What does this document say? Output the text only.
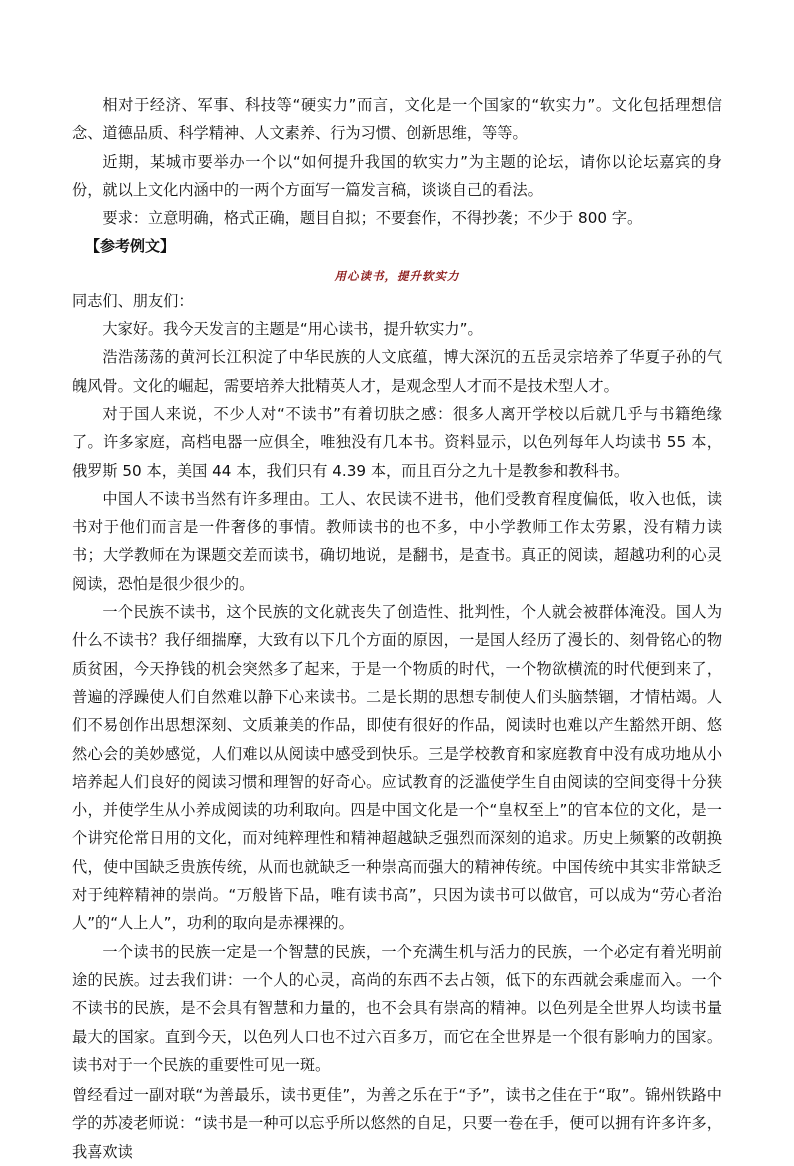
相对于经济、军事、科技等“硬实力”而言，文化是一个国家的“软实力”。文化包括理想信念、道德品质、科学精神、人文素养、行为习惯、创新思维，等等。

近期，某城市要举办一个以“如何提升我国的软实力”为主题的论坛，请你以论坛嘉宾的身份，就以上文化内涵中的一两个方面写一篇发言稿，谈谈自己的看法。

要求：立意明确，格式正确，题目自拟；不要套作，不得抄袭；不少于 800 字。

【参考例文】

用心读书，提升软实力

同志们、朋友们：

大家好。我今天发言的主题是“用心读书，提升软实力”。

浩浩荡荡的黄河长江积淀了中华民族的人文底蕴，博大深沉的五岳灵宗培养了华夏子孙的气魄风骨。文化的崛起，需要培养大批精英人才，是观念型人才而不是技术型人才。

对于国人来说，不少人对“不读书”有着切肤之感：很多人离开学校以后就几乎与书籍绝缘了。许多家庭，高档电器一应俱全，唯独没有几本书。资料显示，以色列每年人均读书 55 本，俄罗斯 50 本，美国 44 本，我们只有 4.39 本，而且百分之九十是教参和教科书。

中国人不读书当然有许多理由。工人、农民读不进书，他们受教育程度偏低，收入也低，读书对于他们而言是一件奢侈的事情。教师读书的也不多，中小学教师工作太劳累，没有精力读书；大学教师在为课题交差而读书，确切地说，是翻书，是查书。真正的阅读，超越功利的心灵阅读，恐怕是很少很少的。

一个民族不读书，这个民族的文化就丧失了创造性、批判性，个人就会被群体淹没。国人为什么不读书？我仔细揣摩，大致有以下几个方面的原因，一是国人经历了漫长的、刻骨铭心的物质贫困，今天挣钱的机会突然多了起来，于是一个物质的时代，一个物欲横流的时代便到来了，普遍的浮躁使人们自然难以静下心来读书。二是长期的思想专制使人们头脑禁锢，才情枯竭。人们不易创作出思想深刻、文质兼美的作品，即使有很好的作品，阅读时也难以产生豁然开朗、悠然心会的美妙感觉，人们难以从阅读中感受到快乐。三是学校教育和家庭教育中没有成功地从小培养起人们良好的阅读习惯和理智的好奇心。应试教育的泛滥使学生自由阅读的空间变得十分狭小，并使学生从小养成阅读的功利取向。四是中国文化是一个“皇权至上”的官本位的文化，是一个讲究伦常日用的文化，而对纯粹理性和精神超越缺乏强烈而深刻的追求。历史上频繁的改朝换代，使中国缺乏贵族传统，从而也就缺乏一种崇高而强大的精神传统。中国传统中其实非常缺乏对于纯粹精神的崇尚。“万般皆下品，唯有读书高”，只因为读书可以做官，可以成为“劳心者治人”的“人上人”，功利的取向是赤裸裸的。

一个读书的民族一定是一个智慧的民族，一个充满生机与活力的民族，一个必定有着光明前途的民族。过去我们讲：一个人的心灵，高尚的东西不去占领，低下的东西就会乘虚而入。一个不读书的民族，是不会具有智慧和力量的，也不会具有崇高的精神。以色列是全世界人均读书量最大的国家。直到今天，以色列人口也不过六百多万，而它在全世界是一个很有影响力的国家。读书对于一个民族的重要性可见一斑。

曾经看过一副对联“为善最乐，读书更佳”，为善之乐在于“予”，读书之佳在于“取”。锦州铁路中学的苏凌老师说：“读书是一种可以忘乎所以悠然的自足，只要一卷在手，便可以拥有许多许多，我喜欢读
